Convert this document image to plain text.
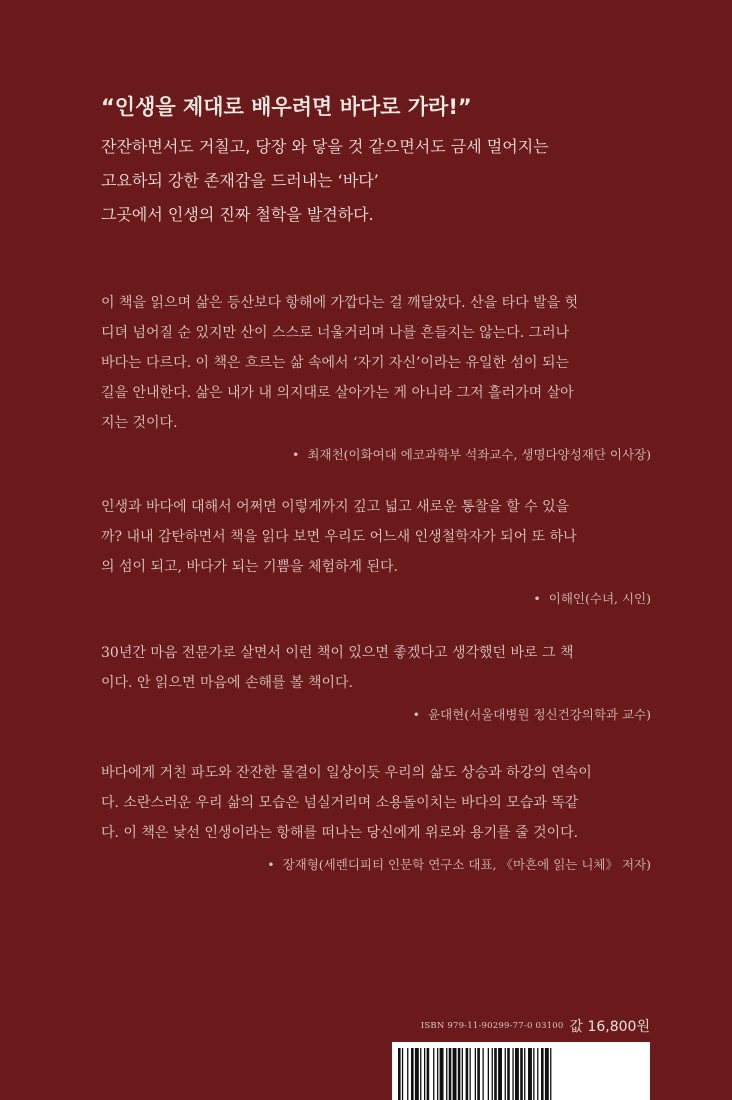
“인생을 제대로 배우려면 바다로 가라!”
잔잔하면서도 거칠고, 당장 와 닿을 것 같으면서도 금세 멀어지는
고요하되 강한 존재감을 드러내는 ‘바다’
그곳에서 인생의 진짜 철학을 발견하다.
이 책을 읽으며 삶은 등산보다 항해에 가깝다는 걸 깨달았다. 산을 타다 발을 헛
디뎌 넘어질 순 있지만 산이 스스로 너울거리며 나를 흔들지는 않는다. 그러나
바다는 다르다. 이 책은 흐르는 삶 속에서 ‘자기 자신’이라는 유일한 섬이 되는
길을 안내한다. 삶은 내가 내 의지대로 살아가는 게 아니라 그저 흘러가며 살아
지는 것이다.
• 최재천(이화여대 에코과학부 석좌교수, 생명다양성재단 이사장)
인생과 바다에 대해서 어쩌면 이렇게까지 깊고 넓고 새로운 통찰을 할 수 있을
까? 내내 감탄하면서 책을 읽다 보면 우리도 어느새 인생철학자가 되어 또 하나
의 섬이 되고, 바다가 되는 기쁨을 체험하게 된다.
• 이해인(수녀, 시인)
30년간 마음 전문가로 살면서 이런 책이 있으면 좋겠다고 생각했던 바로 그 책
이다. 안 읽으면 마음에 손해를 볼 책이다.
• 윤대현(서울대병원 정신건강의학과 교수)
바다에게 거친 파도와 잔잔한 물결이 일상이듯 우리의 삶도 상승과 하강의 연속이
다. 소란스러운 우리 삶의 모습은 넘실거리며 소용돌이치는 바다의 모습과 똑같
다. 이 책은 낯선 인생이라는 항해를 떠나는 당신에게 위로와 용기를 줄 것이다.
• 장재형(세렌디피티 인문학 연구소 대표, 《마흔에 읽는 니체》 저자)
ISBN 979-11-90299-77-0 03100 값 16,800원
